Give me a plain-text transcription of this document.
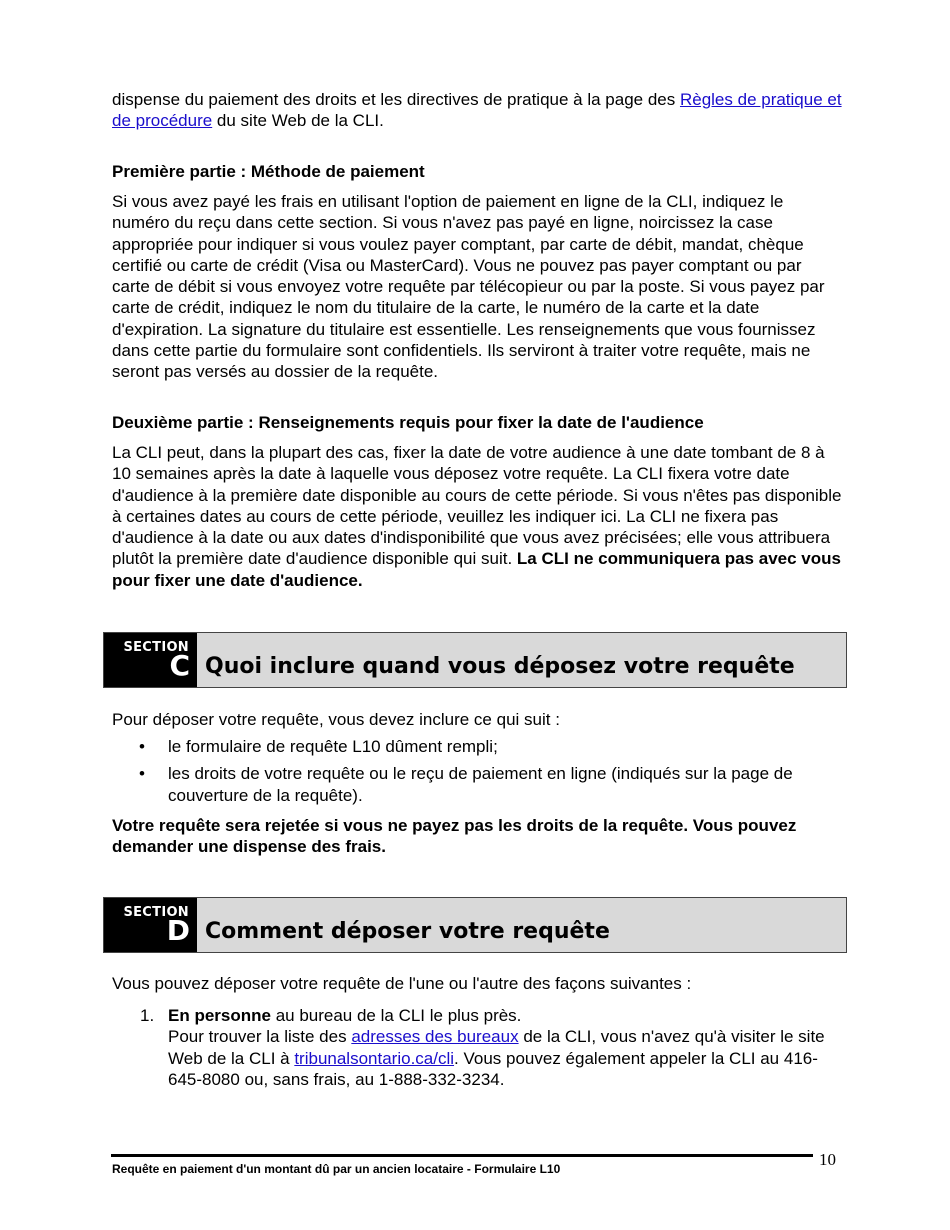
dispense du paiement des droits et les directives de pratique à la page des Règles de pratique et de procédure du site Web de la CLI.

Première partie : Méthode de paiement

Si vous avez payé les frais en utilisant l'option de paiement en ligne de la CLI, indiquez le numéro du reçu dans cette section. Si vous n'avez pas payé en ligne, noircissez la case appropriée pour indiquer si vous voulez payer comptant, par carte de débit, mandat, chèque certifié ou carte de crédit (Visa ou MasterCard). Vous ne pouvez pas payer comptant ou par carte de débit si vous envoyez votre requête par télécopieur ou par la poste. Si vous payez par carte de crédit, indiquez le nom du titulaire de la carte, le numéro de la carte et la date d'expiration. La signature du titulaire est essentielle. Les renseignements que vous fournissez dans cette partie du formulaire sont confidentiels. Ils serviront à traiter votre requête, mais ne seront pas versés au dossier de la requête.

Deuxième partie : Renseignements requis pour fixer la date de l'audience

La CLI peut, dans la plupart des cas, fixer la date de votre audience à une date tombant de 8 à 10 semaines après la date à laquelle vous déposez votre requête. La CLI fixera votre date d'audience à la première date disponible au cours de cette période. Si vous n'êtes pas disponible à certaines dates au cours de cette période, veuillez les indiquer ici. La CLI ne fixera pas d'audience à la date ou aux dates d'indisponibilité que vous avez précisées; elle vous attribuera plutôt la première date d'audience disponible qui suit. La CLI ne communiquera pas avec vous pour fixer une date d'audience.

SECTION
C Quoi inclure quand vous déposez votre requête

Pour déposer votre requête, vous devez inclure ce qui suit :

• le formulaire de requête L10 dûment rempli;
• les droits de votre requête ou le reçu de paiement en ligne (indiqués sur la page de couverture de la requête).

Votre requête sera rejetée si vous ne payez pas les droits de la requête. Vous pouvez demander une dispense des frais.

SECTION
D Comment déposer votre requête

Vous pouvez déposer votre requête de l'une ou l'autre des façons suivantes :

1. En personne au bureau de la CLI le plus près.
Pour trouver la liste des adresses des bureaux de la CLI, vous n'avez qu'à visiter le site Web de la CLI à tribunalsontario.ca/cli. Vous pouvez également appeler la CLI au 416-645-8080 ou, sans frais, au 1-888-332-3234.
Requête en paiement d'un montant dû par un ancien locataire - Formulaire L10	10
